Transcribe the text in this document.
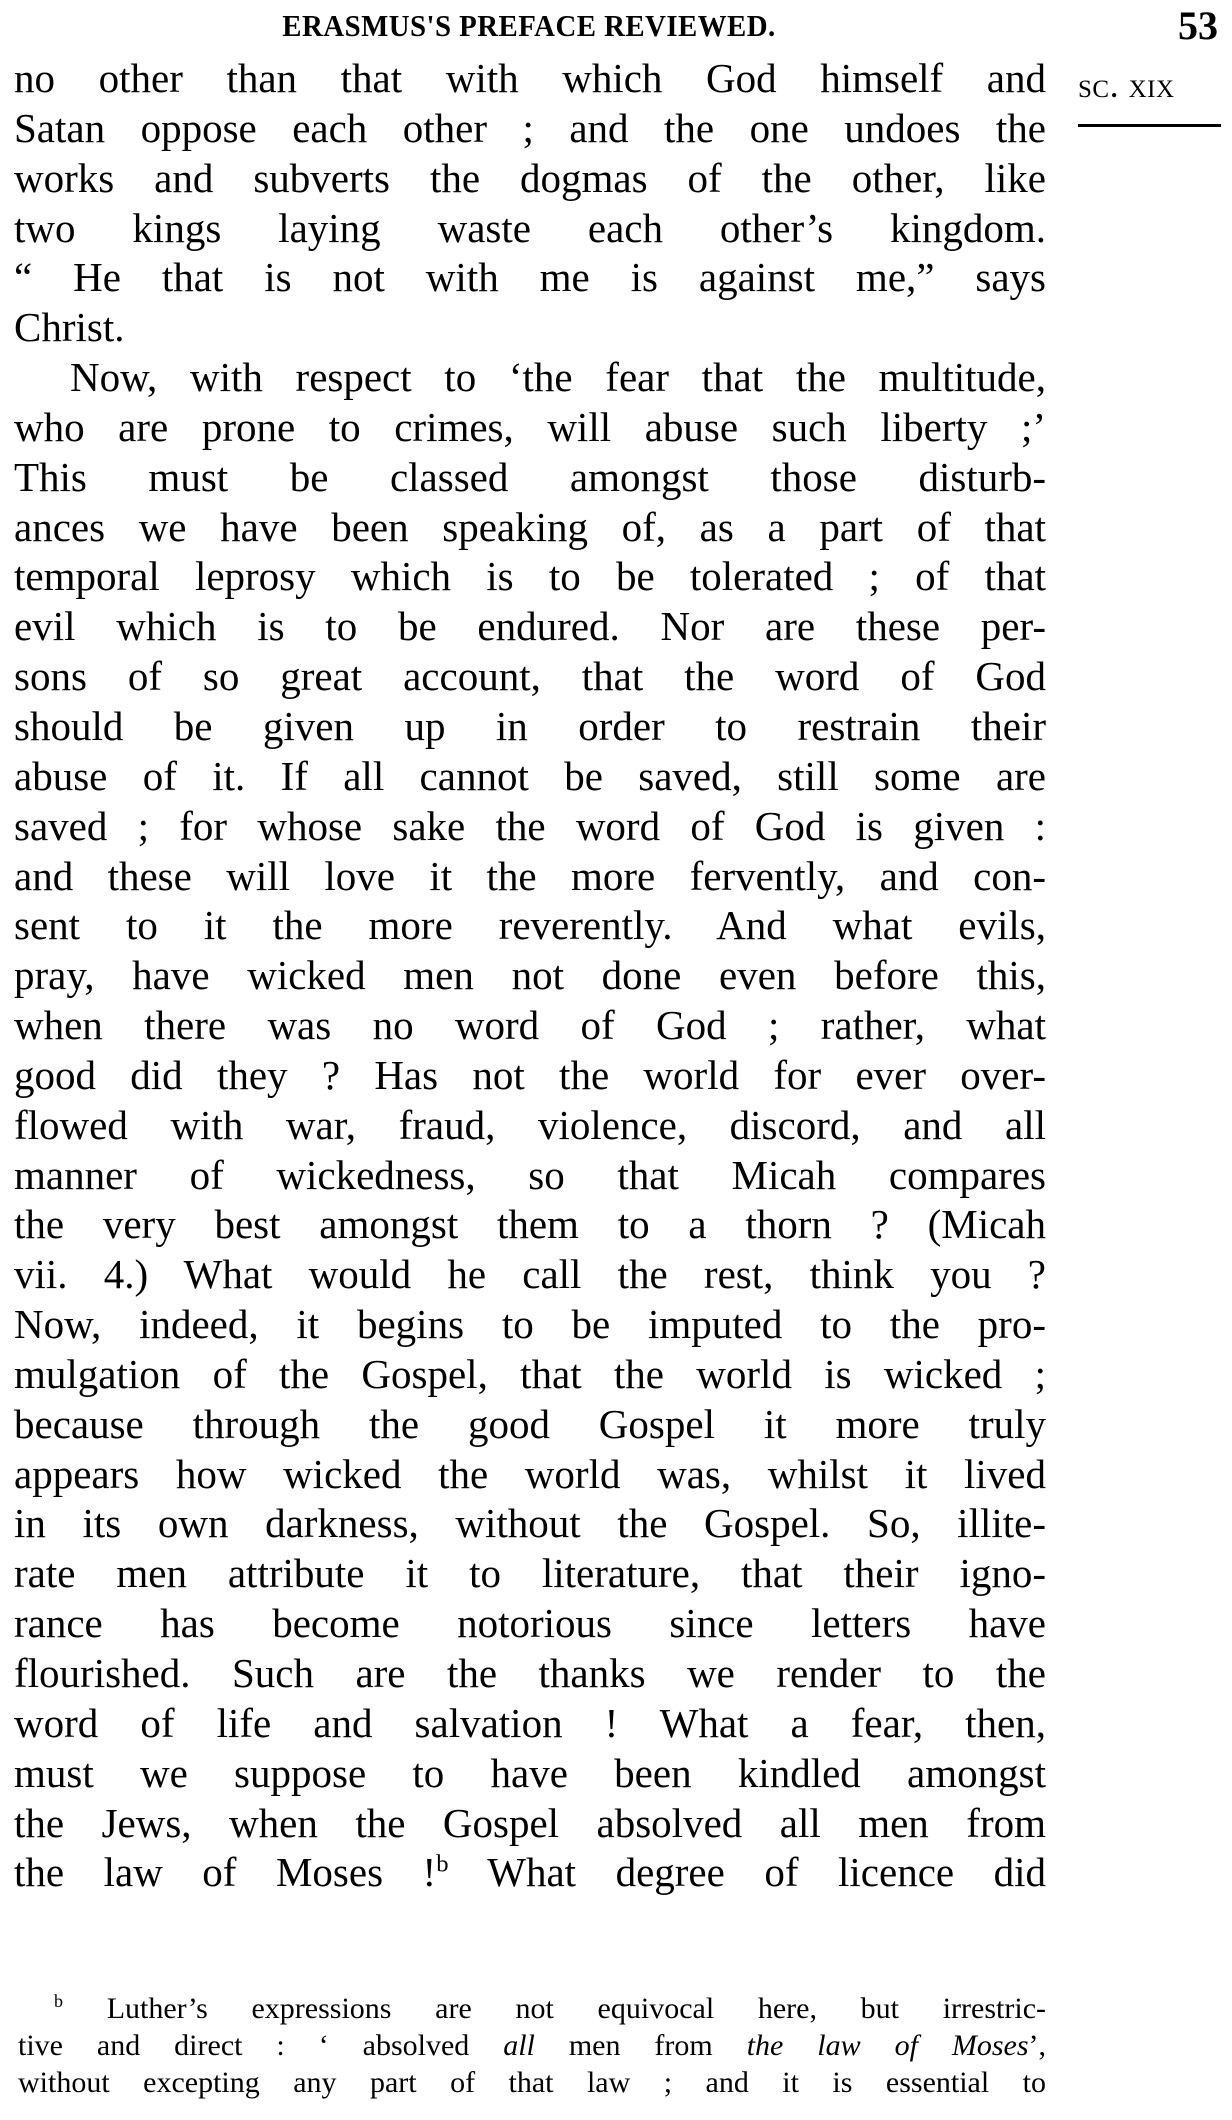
ERASMUS'S PREFACE REVIEWED.	53
sc. xix
no other than that with which God himself and
Satan oppose each other ; and the one undoes the
works and subverts the dogmas of the other, like
two kings laying waste each other’s kingdom.
“ He that is not with me is against me,” says
Christ.
Now, with respect to ‘the fear that the multitude,
who are prone to crimes, will abuse such liberty ;’
This must be classed amongst those disturb-
ances we have been speaking of, as a part of that
temporal leprosy which is to be tolerated ; of that
evil which is to be endured. Nor are these per-
sons of so great account, that the word of God
should be given up in order to restrain their
abuse of it. If all cannot be saved, still some are
saved ; for whose sake the word of God is given :
and these will love it the more fervently, and con-
sent to it the more reverently. And what evils,
pray, have wicked men not done even before this,
when there was no word of God ; rather, what
good did they ? Has not the world for ever over-
flowed with war, fraud, violence, discord, and all
manner of wickedness, so that Micah compares
the very best amongst them to a thorn ? (Micah
vii. 4.) What would he call the rest, think you ?
Now, indeed, it begins to be imputed to the pro-
mulgation of the Gospel, that the world is wicked ;
because through the good Gospel it more truly
appears how wicked the world was, whilst it lived
in its own darkness, without the Gospel. So, illite-
rate men attribute it to literature, that their igno-
rance has become notorious since letters have
flourished. Such are the thanks we render to the
word of life and salvation ! What a fear, then,
must we suppose to have been kindled amongst
the Jews, when the Gospel absolved all men from
the law of Moses !$^b$ What degree of licence did
$^b$ Luther’s expressions are not equivocal here, but irrestric-
tive and direct : ‘ absolved all men from the law of Moses’,
without excepting any part of that law ; and it is essential to
